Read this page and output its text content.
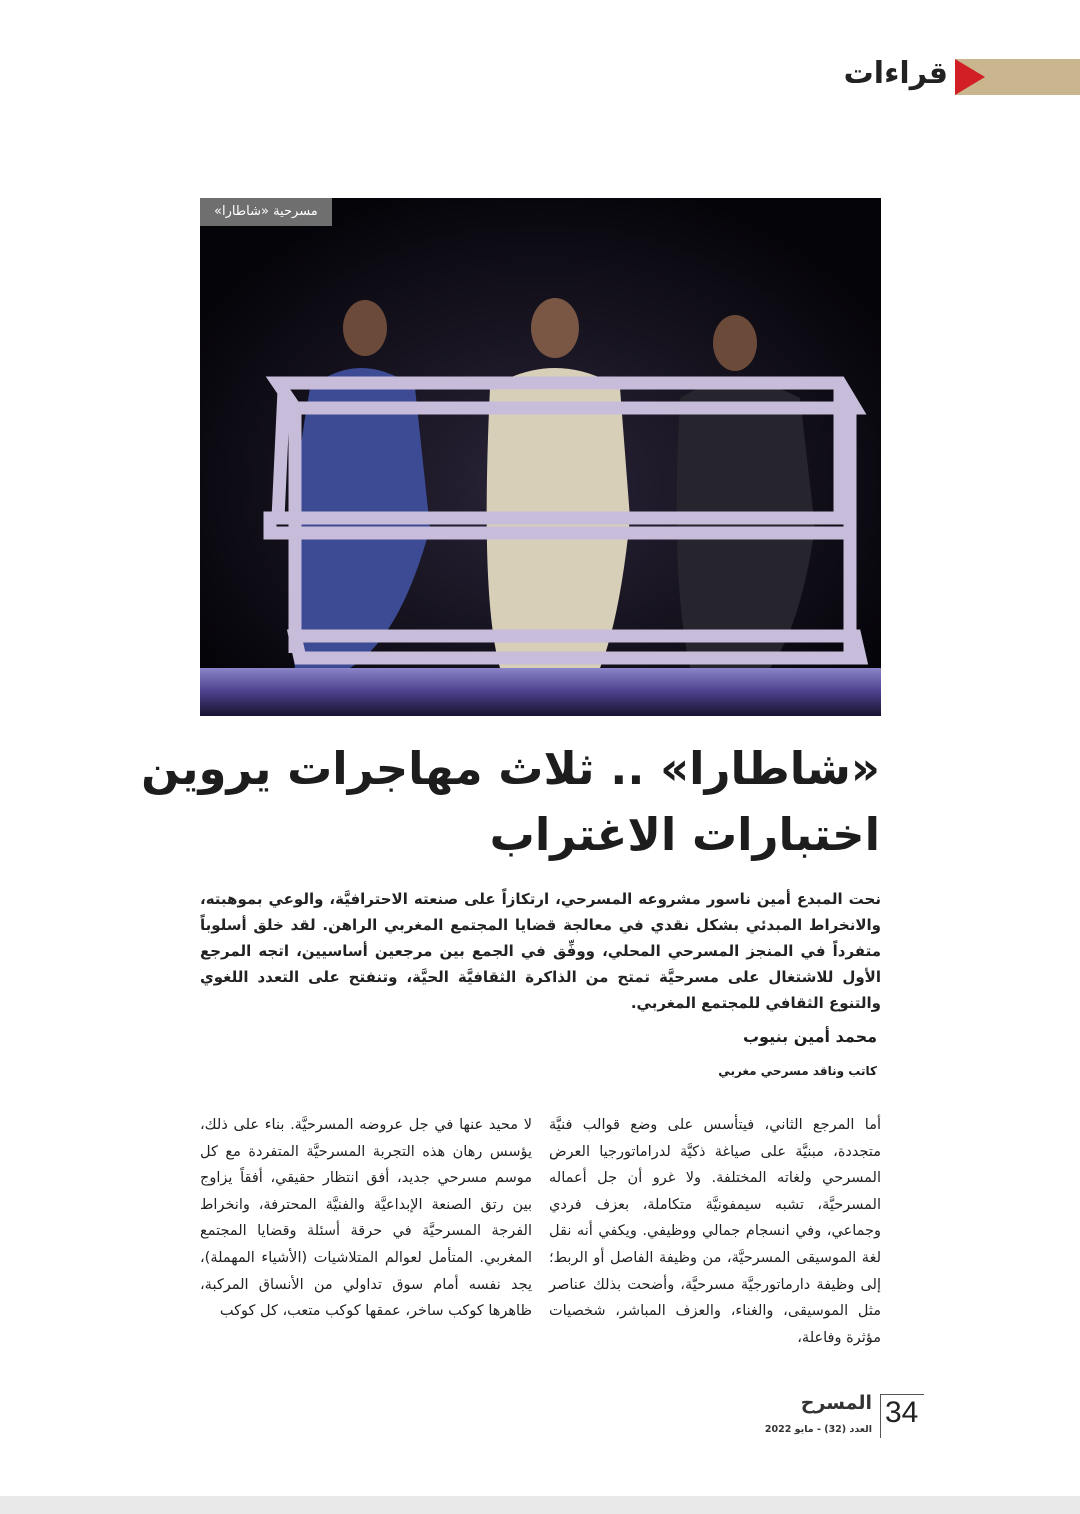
قراءات
مسرحية «شاطارا»
«شاطارا» .. ثلاث مهاجرات يروين
اختبارات الاغتراب
نحت المبدع أمين ناسور مشروعه المسرحي، ارتكازاً على صنعته الاحترافيَّة، والوعي بموهبته، والانخراط المبدئي بشكل نقدي في معالجة قضايا المجتمع المغربي الراهن. لقد خلق أسلوباً متفرداً في المنجز المسرحي المحلي، ووفِّق في الجمع بين مرجعين أساسيين، اتجه المرجع الأول للاشتغال على مسرحيَّة تمتح من الذاكرة الثقافيَّة الحيَّة، وتنفتح على التعدد اللغوي والتنوع الثقافي للمجتمع المغربي.
محمد أمين بنيوب
كاتب وناقد مسرحي مغربي
أما المرجع الثاني، فيتأسس على وضع قوالب فنيَّة متجددة، مبنيَّة على صياغة ذكيَّة لدراماتورجيا العرض المسرحي ولغاته المختلفة. ولا غرو أن جل أعماله المسرحيَّة، تشبه سيمفونيَّة متكاملة، بعزف فردي وجماعي، وفي انسجام جمالي ووظيفي. ويكفي أنه نقل لغة الموسيقى المسرحيَّة، من وظيفة الفاصل أو الربط؛ إلى وظيفة دارماتورجيَّة مسرحيَّة، وأضحت بذلك عناصر مثل الموسيقى، والغناء، والعزف المباشر، شخصيات مؤثرة وفاعلة،
لا محيد عنها في جل عروضه المسرحيَّة. بناء على ذلك، يؤسس رهان هذه التجربة المسرحيَّة المتفردة مع كل موسم مسرحي جديد، أفق انتظار حقيقي، أفقاً يزاوج بين رتق الصنعة الإبداعيَّة والفنيَّة المحترفة، وانخراط الفرجة المسرحيَّة في حرقة أسئلة وقضايا المجتمع المغربي. المتأمل لعوالم المتلاشيات (الأشياء المهملة)، يجد نفسه أمام سوق تداولي من الأنساق المركبة، ظاهرها كوكب ساخر، عمقها كوكب متعب، كل كوكب
34
المسرح
العدد (32) - مايو 2022
